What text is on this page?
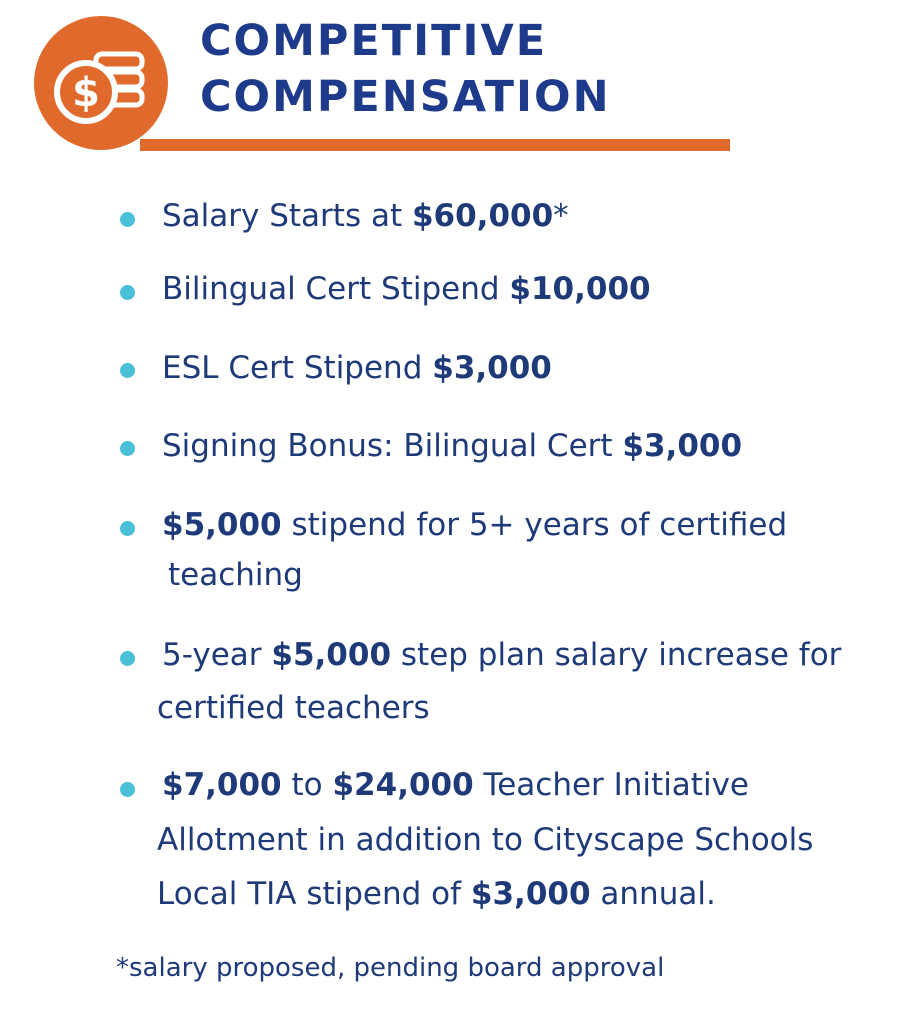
$
COMPETITIVE
COMPENSATION
Salary Starts at $60,000*
Bilingual Cert Stipend $10,000
ESL Cert Stipend $3,000
Signing Bonus: Bilingual Cert $3,000
$5,000 stipend for 5+ years of certified
teaching
5-year $5,000 step plan salary increase for
certified teachers
$7,000 to $24,000 Teacher Initiative
Allotment in addition to Cityscape Schools
Local TIA stipend of $3,000 annual.
*salary proposed, pending board approval
